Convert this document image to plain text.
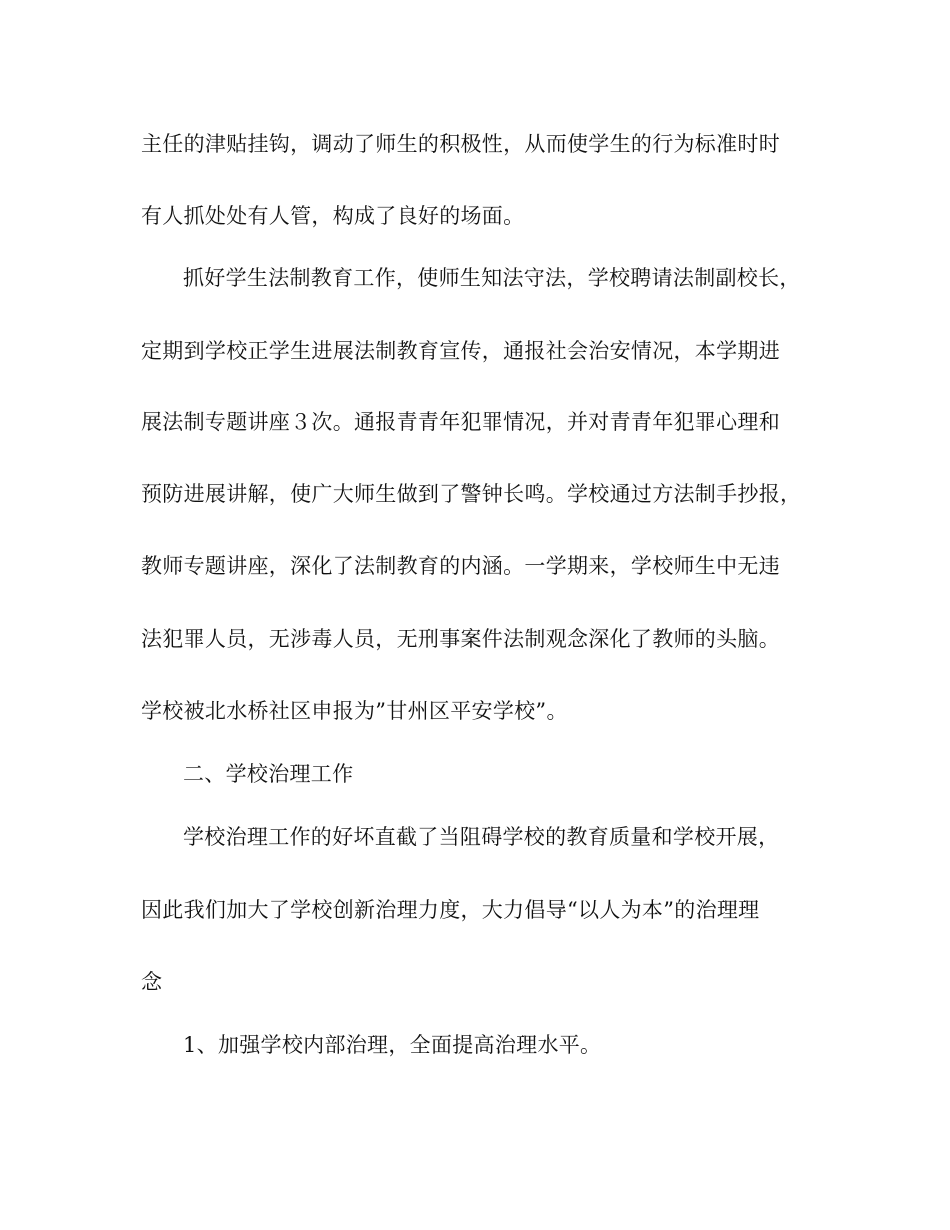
主任的津贴挂钩，调动了师生的积极性，从而使学生的行为标准时时
有人抓处处有人管，构成了良好的场面。
抓好学生法制教育工作，使师生知法守法，学校聘请法制副校长，
定期到学校正学生进展法制教育宣传，通报社会治安情况，本学期进
展法制专题讲座３次。通报青青年犯罪情况，并对青青年犯罪心理和
预防进展讲解，使广大师生做到了警钟长鸣。学校通过方法制手抄报，
教师专题讲座，深化了法制教育的内涵。一学期来，学校师生中无违
法犯罪人员，无涉毒人员，无刑事案件法制观念深化了教师的头脑。
学校被北水桥社区申报为”甘州区平安学校”。
二、学校治理工作
学校治理工作的好坏直截了当阻碍学校的教育质量和学校开展，
因此我们加大了学校创新治理力度，大力倡导“以人为本”的治理理
念
1、加强学校内部治理，全面提高治理水平。
